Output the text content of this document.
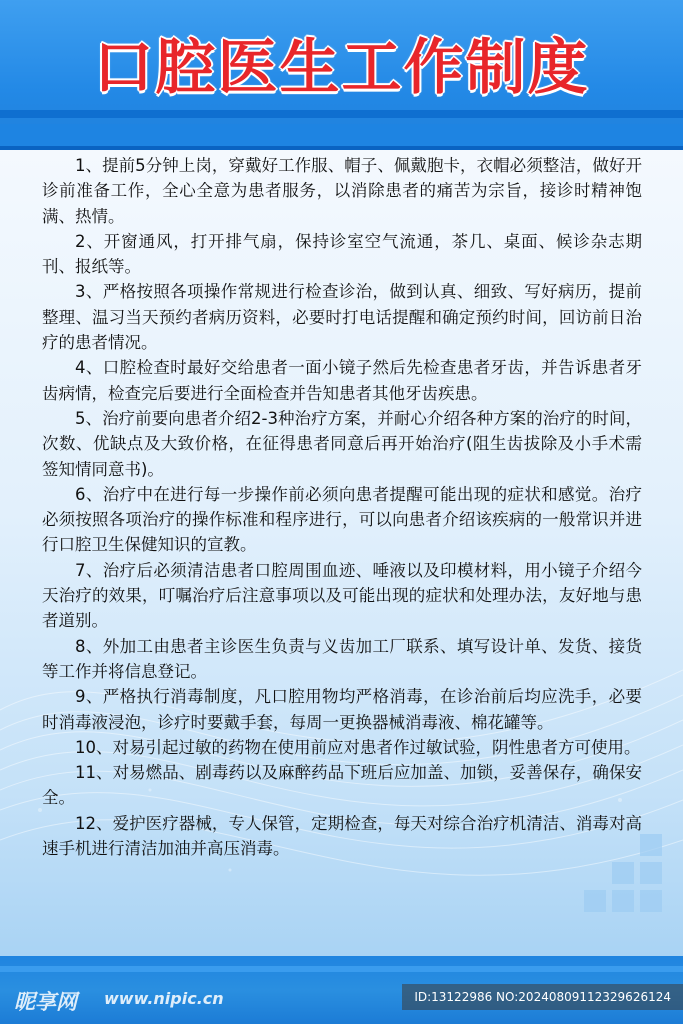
口腔医生工作制度

1、提前5分钟上岗，穿戴好工作服、帽子、佩戴胞卡，衣帽必须整洁，做好开诊前准备工作，全心全意为患者服务，以消除患者的痛苦为宗旨，接诊时精神饱满、热情。

2、开窗通风，打开排气扇，保持诊室空气流通，茶几、桌面、候诊杂志期刊、报纸等。

3、严格按照各项操作常规进行检查诊治，做到认真、细致、写好病历，提前整理、温习当天预约者病历资料，必要时打电话提醒和确定预约时间，回访前日治疗的患者情况。

4、口腔检查时最好交给患者一面小镜子然后先检查患者牙齿，并告诉患者牙齿病情，检查完后要进行全面检查并告知患者其他牙齿疾患。

5、治疗前要向患者介绍2-3种治疗方案，并耐心介绍各种方案的治疗的时间，次数、优缺点及大致价格，在征得患者同意后再开始治疗(阻生齿拔除及小手术需签知情同意书)。

6、治疗中在进行每一步操作前必须向患者提醒可能出现的症状和感觉。治疗必须按照各项治疗的操作标准和程序进行，可以向患者介绍该疾病的一般常识并进行口腔卫生保健知识的宣教。

7、治疗后必须清洁患者口腔周围血迹、唾液以及印模材料，用小镜子介绍今天治疗的效果，叮嘱治疗后注意事项以及可能出现的症状和处理办法，友好地与患者道别。

8、外加工由患者主诊医生负责与义齿加工厂联系、填写设计单、发货、接货等工作并将信息登记。

9、严格执行消毒制度，凡口腔用物均严格消毒，在诊治前后均应洗手，必要时消毒液浸泡，诊疗时要戴手套，每周一更换器械消毒液、棉花罐等。

10、对易引起过敏的药物在使用前应对患者作过敏试验，阴性患者方可使用。

11、对易燃品、剧毒药以及麻醉药品下班后应加盖、加锁，妥善保存，确保安全。

12、爱护医疗器械，专人保管，定期检查，每天对综合治疗机清洁、消毒对高速手机进行清洁加油并高压消毒。

昵享网 www.nipic.cn	ID:13122986 NO:20240809112329626124
